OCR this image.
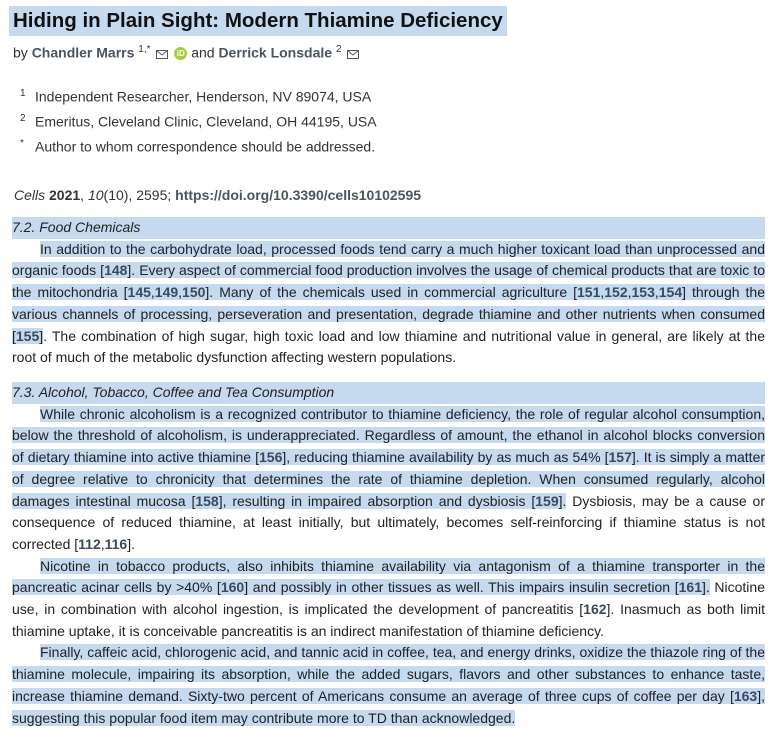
Hiding in Plain Sight: Modern Thiamine Deficiency
by Chandler Marrs $^{1,*}$	iD and Derrick Lonsdale $^2$
$^1$ Independent Researcher, Henderson, NV 89074, USA
$^2$ Emeritus, Cleveland Clinic, Cleveland, OH 44195, USA
* Author to whom correspondence should be addressed.
Cells 2021, 10(10), 2595; https://doi.org/10.3390/cells10102595
7.2. Food Chemicals

In addition to the carbohydrate load, processed foods tend carry a much higher toxicant load than unprocessed and organic foods [148]. Every aspect of commercial food production involves the usage of chemical products that are toxic to the mitochondria [145,149,150]. Many of the chemicals used in commercial agriculture [151,152,153,154] through the various channels of processing, perseveration and presentation, degrade thiamine and other nutrients when consumed [155]. The combination of high sugar, high toxic load and low thiamine and nutritional value in general, are likely at the root of much of the metabolic dysfunction affecting western populations.

7.3. Alcohol, Tobacco, Coffee and Tea Consumption

While chronic alcoholism is a recognized contributor to thiamine deficiency, the role of regular alcohol consumption, below the threshold of alcoholism, is underappreciated. Regardless of amount, the ethanol in alcohol blocks conversion of dietary thiamine into active thiamine [156], reducing thiamine availability by as much as 54% [157]. It is simply a matter of degree relative to chronicity that determines the rate of thiamine depletion. When consumed regularly, alcohol damages intestinal mucosa [158], resulting in impaired absorption and dysbiosis [159]. Dysbiosis, may be a cause or consequence of reduced thiamine, at least initially, but ultimately, becomes self-reinforcing if thiamine status is not corrected [112,116].

Nicotine in tobacco products, also inhibits thiamine availability via antagonism of a thiamine transporter in the pancreatic acinar cells by >40% [160] and possibly in other tissues as well. This impairs insulin secretion [161]. Nicotine use, in combination with alcohol ingestion, is implicated the development of pancreatitis [162]. Inasmuch as both limit thiamine uptake, it is conceivable pancreatitis is an indirect manifestation of thiamine deficiency.

Finally, caffeic acid, chlorogenic acid, and tannic acid in coffee, tea, and energy drinks, oxidize the thiazole ring of the thiamine molecule, impairing its absorption, while the added sugars, flavors and other substances to enhance taste, increase thiamine demand. Sixty-two percent of Americans consume an average of three cups of coffee per day [163], suggesting this popular food item may contribute more to TD than acknowledged.
